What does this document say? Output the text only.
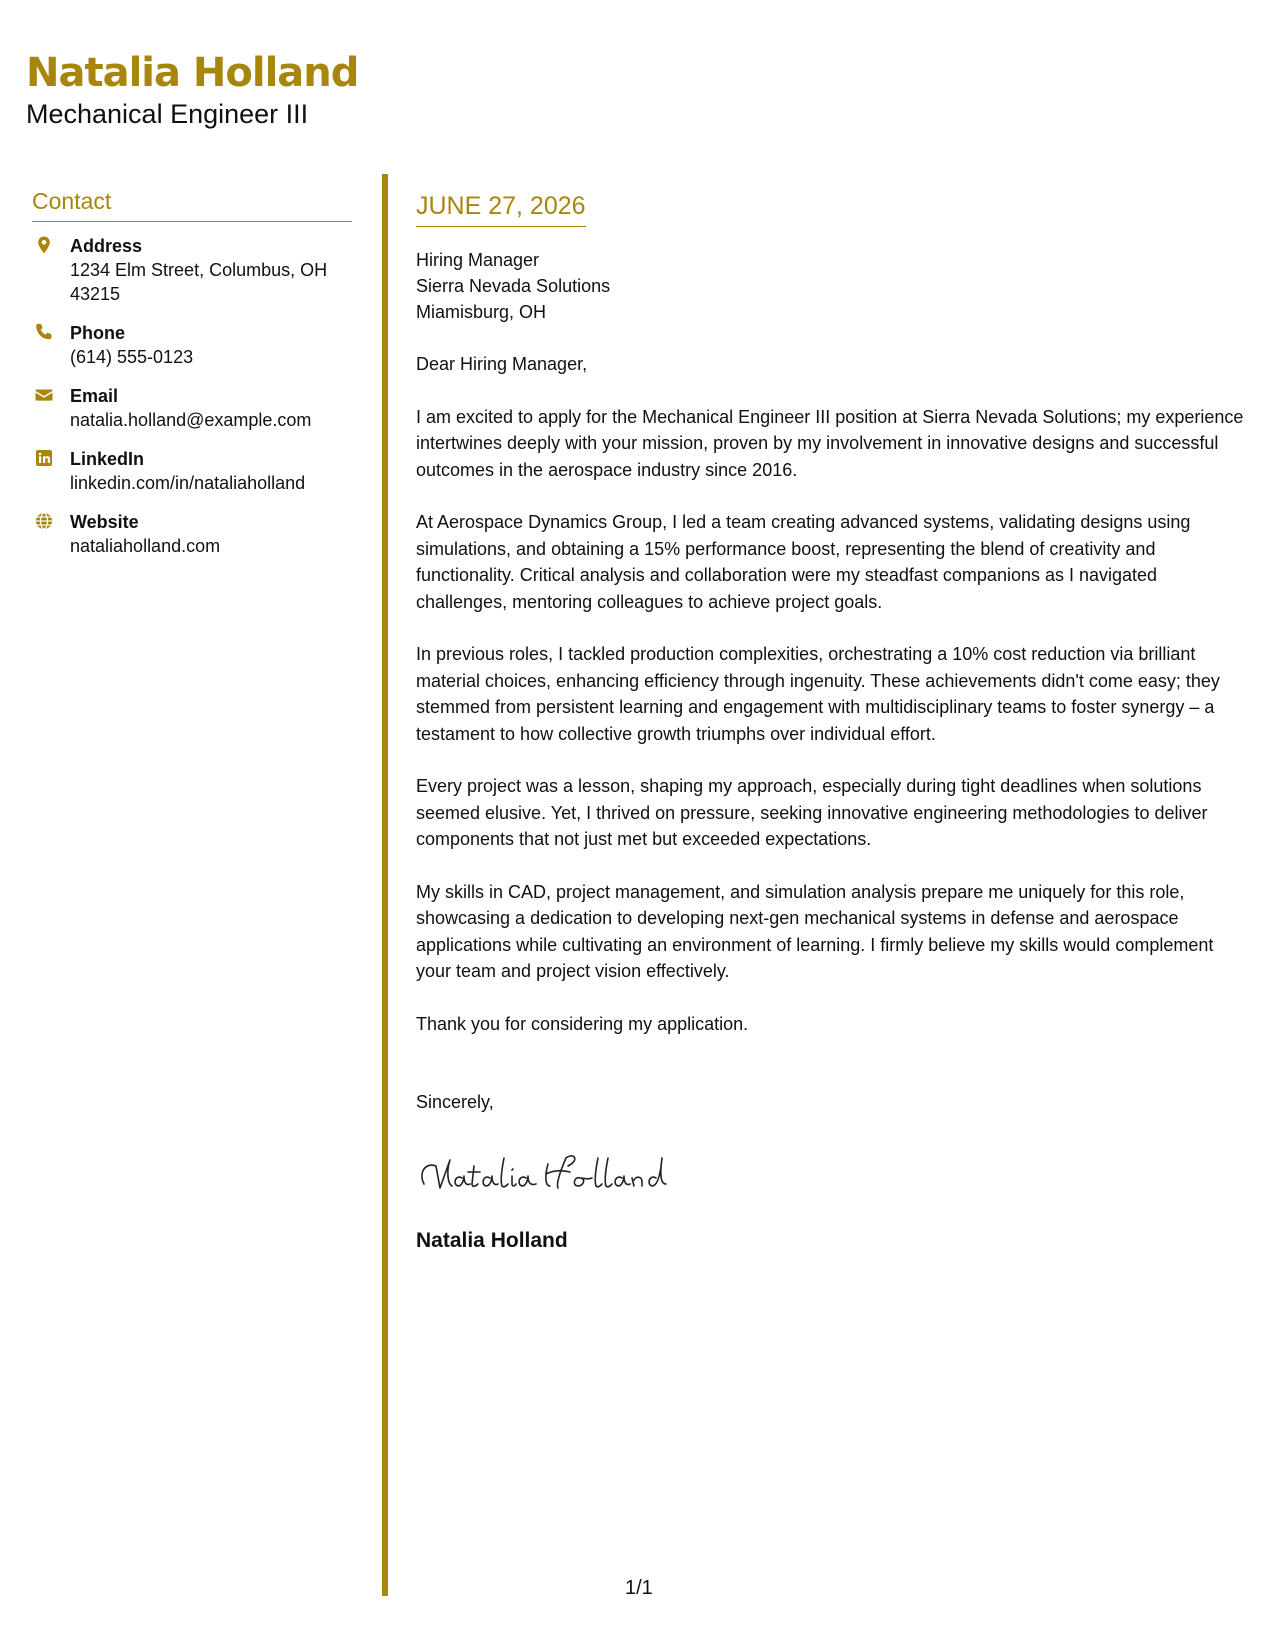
Natalia Holland
Mechanical Engineer III
Contact
Address
1234 Elm Street, Columbus, OH 43215
Phone
(614) 555-0123
Email
natalia.holland@example.com
LinkedIn
linkedin.com/in/nataliaholland
Website
nataliaholland.com
JUNE 27, 2026
Hiring Manager
Sierra Nevada Solutions
Miamisburg, OH
Dear Hiring Manager,
I am excited to apply for the Mechanical Engineer III position at Sierra Nevada Solutions; my experience intertwines deeply with your mission, proven by my involvement in innovative designs and successful outcomes in the aerospace industry since 2016.
At Aerospace Dynamics Group, I led a team creating advanced systems, validating designs using simulations, and obtaining a 15% performance boost, representing the blend of creativity and functionality. Critical analysis and collaboration were my steadfast companions as I navigated challenges, mentoring colleagues to achieve project goals.
In previous roles, I tackled production complexities, orchestrating a 10% cost reduction via brilliant material choices, enhancing efficiency through ingenuity. These achievements didn't come easy; they stemmed from persistent learning and engagement with multidisciplinary teams to foster synergy – a testament to how collective growth triumphs over individual effort.
Every project was a lesson, shaping my approach, especially during tight deadlines when solutions seemed elusive. Yet, I thrived on pressure, seeking innovative engineering methodologies to deliver components that not just met but exceeded expectations.
My skills in CAD, project management, and simulation analysis prepare me uniquely for this role, showcasing a dedication to developing next-gen mechanical systems in defense and aerospace applications while cultivating an environment of learning. I firmly believe my skills would complement your team and project vision effectively.
Thank you for considering my application.
Sincerely,
Natalia Holland
1/1
